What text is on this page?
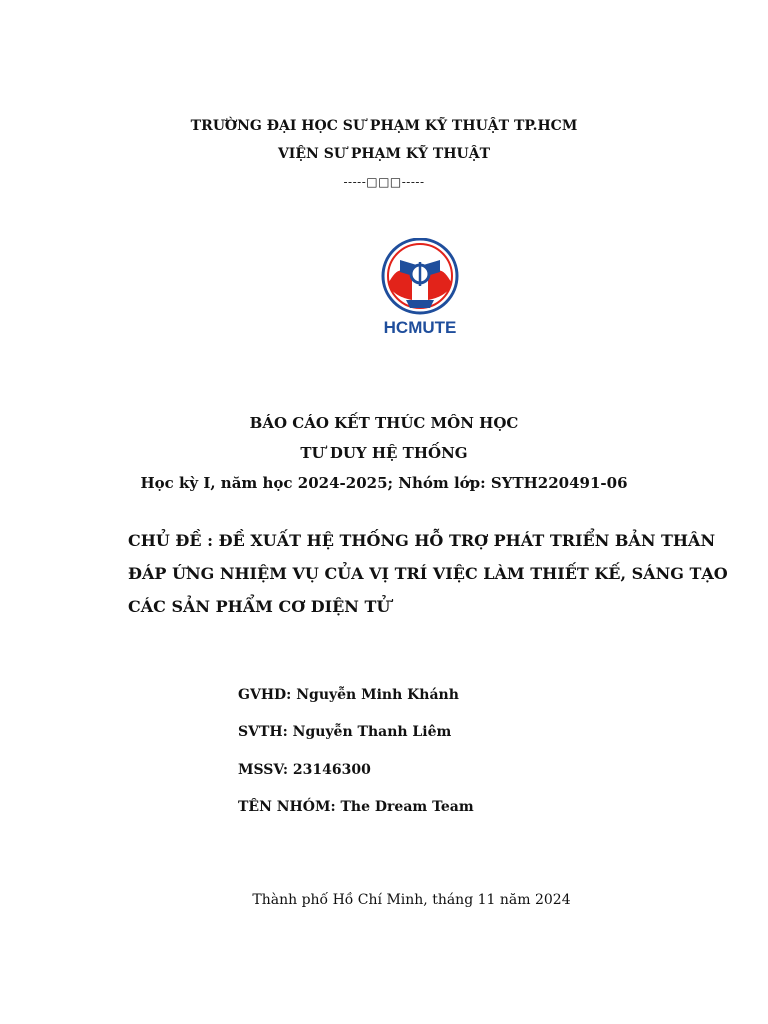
TRƯỜNG ĐẠI HỌC SƯ PHẠM KỸ THUẬT TP.HCM
VIỆN SƯ PHẠM KỸ THUẬT
-----□□□-----
HCMUTE
BÁO CÁO KẾT THÚC MÔN HỌC
TƯ DUY HỆ THỐNG
Học kỳ I, năm học 2024-2025; Nhóm lớp: SYTH220491-06
CHỦ ĐỀ : ĐỀ XUẤT HỆ THỐNG HỖ TRỢ PHÁT TRIỂN BẢN THÂN
ĐÁP ỨNG NHIỆM VỤ CỦA VỊ TRÍ VIỆC LÀM THIẾT KẾ, SÁNG TẠO
CÁC SẢN PHẨM CƠ DIỆN TỬ
GVHD: Nguyễn Minh Khánh
SVTH: Nguyễn Thanh Liêm
MSSV: 23146300
TÊN NHÓM: The Dream Team
Thành phố Hồ Chí Minh, tháng 11 năm 2024
